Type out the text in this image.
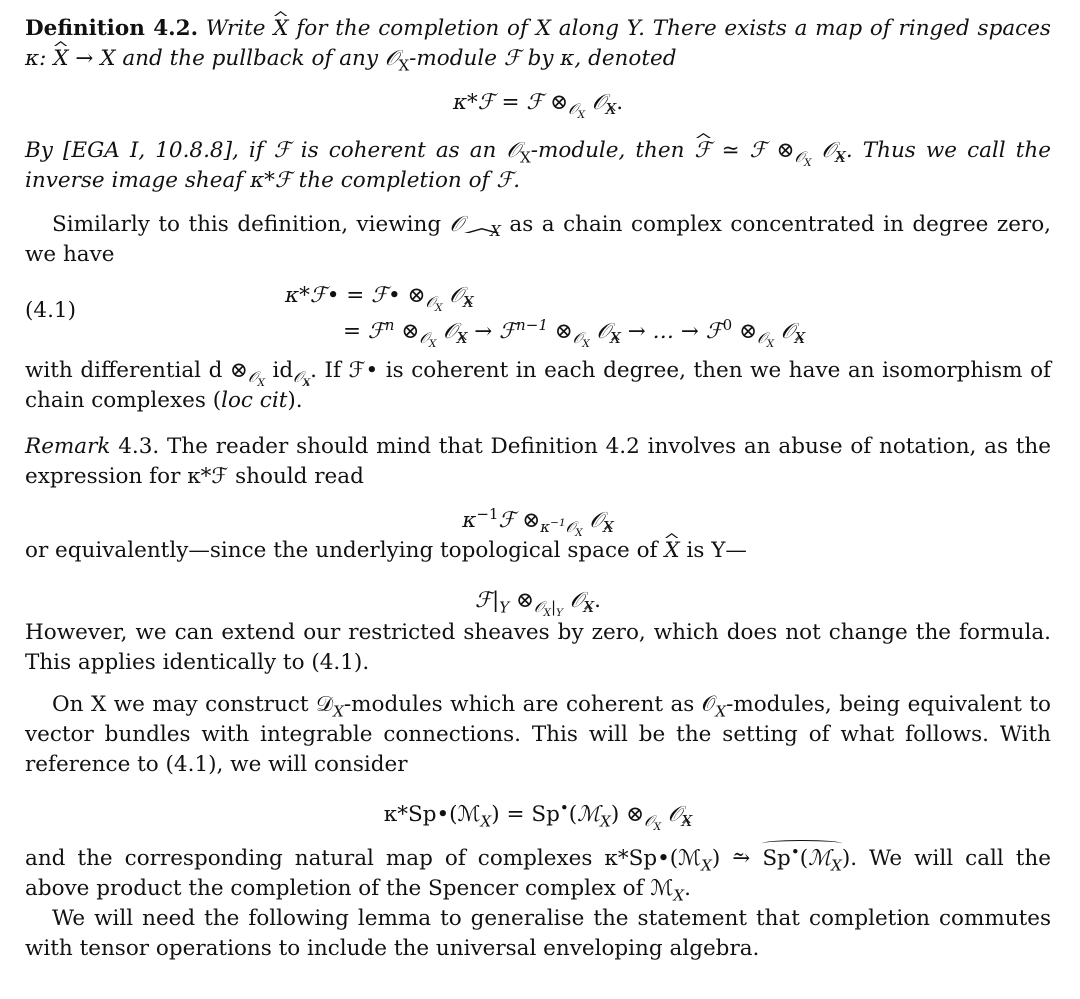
Definition 4.2. Write X for the completion of X along Y. There exists a map of ringed spaces κ: X → X and the pullback of any 𝒪$_X$-module ℱ by κ, denoted
κ*ℱ = ℱ $\otimes_{𝒪_X}$ 𝒪$_X$.
By [EGA I, 10.8.8], if ℱ is coherent as an 𝒪$_X$-module, then ℱ ≃ ℱ $\otimes_{𝒪_X}$ 𝒪$_X$. Thus we call the inverse image sheaf κ*ℱ the completion of ℱ.
Similarly to this definition, viewing 𝒪 $_X$ as a chain complex concentrated in degree zero, we have
(4.1)
κ*ℱ• = ℱ• $\otimes_{𝒪_X}$ 𝒪$_X$
= ℱ$^n$ $\otimes_{𝒪_X}$ 𝒪$_X$ → ℱ$^{n-1}$ $\otimes_{𝒪_X}$ 𝒪$_X$ → … → ℱ$^0$ $\otimes_{𝒪_X}$ 𝒪$_X$
with differential d $\otimes_{𝒪_X}$ $id_{𝒪_X}$. If ℱ• is coherent in each degree, then we have an isomorphism of chain complexes (loc cit).
Remark 4.3. The reader should mind that Definition 4.2 involves an abuse of notation, as the expression for κ*ℱ should read
$\kappa^{-1}ℱ$ $\otimes_{\kappa^{-1}𝒪_X}$ 𝒪$_X$
or equivalently—since the underlying topological space of X is Y—
$ℱ|_Y$ $\otimes_{𝒪_X|_Y}$ 𝒪$_X$.
However, we can extend our restricted sheaves by zero, which does not change the formula. This applies identically to (4.1).
On X we may construct 𝒟$_X$-modules which are coherent as 𝒪$_X$-modules, being equivalent to vector bundles with integrable connections. This will be the setting of what follows. With reference to (4.1), we will consider
κ*Sp•(ℳ$_X$) = Sp•(ℳ$_X$) $\otimes_{𝒪_X}$ 𝒪$_X$
and the corresponding natural map of complexes κ*Sp•(ℳ$_X$) ⥲ Sp•(ℳ$_X$). We will call the above product the completion of the Spencer complex of ℳ$_X$.
We will need the following lemma to generalise the statement that completion commutes with tensor operations to include the universal enveloping algebra.
